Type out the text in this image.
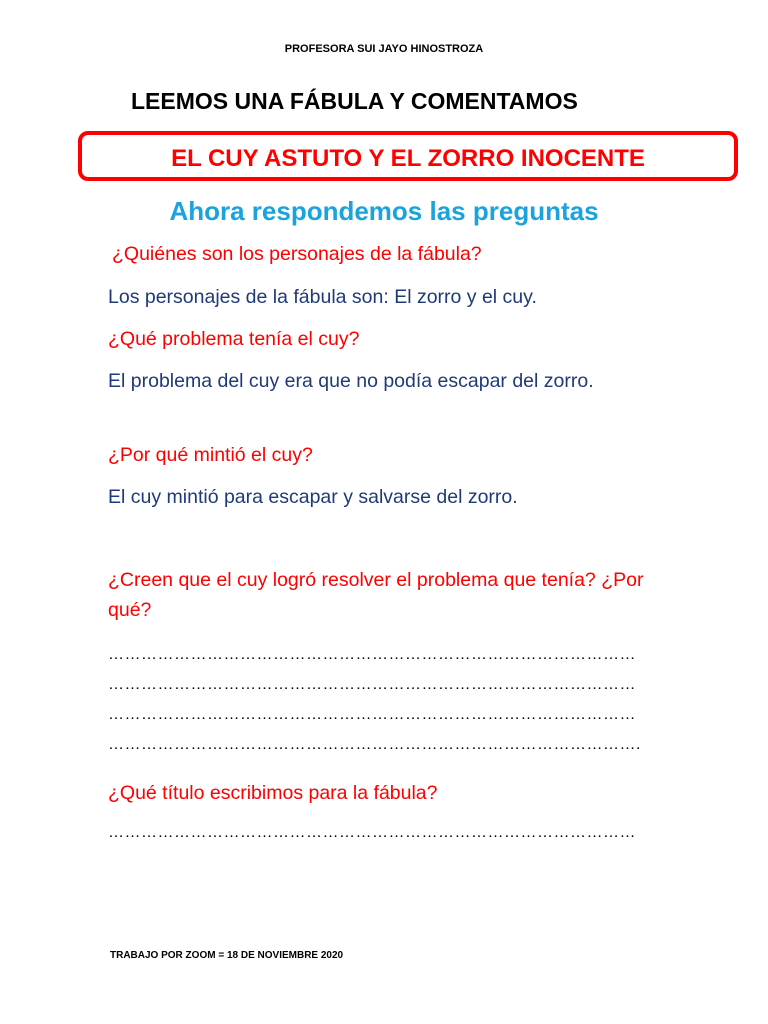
PROFESORA SUI JAYO HINOSTROZA
LEEMOS UNA FÁBULA Y COMENTAMOS
EL CUY ASTUTO Y EL ZORRO INOCENTE
Ahora respondemos las preguntas
¿Quiénes son los personajes de la fábula?
Los personajes de la fábula son: El zorro y el cuy.
¿Qué problema tenía el cuy?
El problema del cuy era que no podía escapar del zorro.
¿Por qué mintió el cuy?
El cuy mintió para escapar y salvarse del zorro.
¿Creen que el cuy logró resolver el problema que tenía? ¿Por qué?
……………………………………………………………………………………
……………………………………………………………………………………
……………………………………………………………………………………
…………………………………………………………………………………….
¿Qué título escribimos para la fábula?
……………………………………………………………………………………
TRABAJO POR ZOOM = 18 DE NOVIEMBRE 2020
